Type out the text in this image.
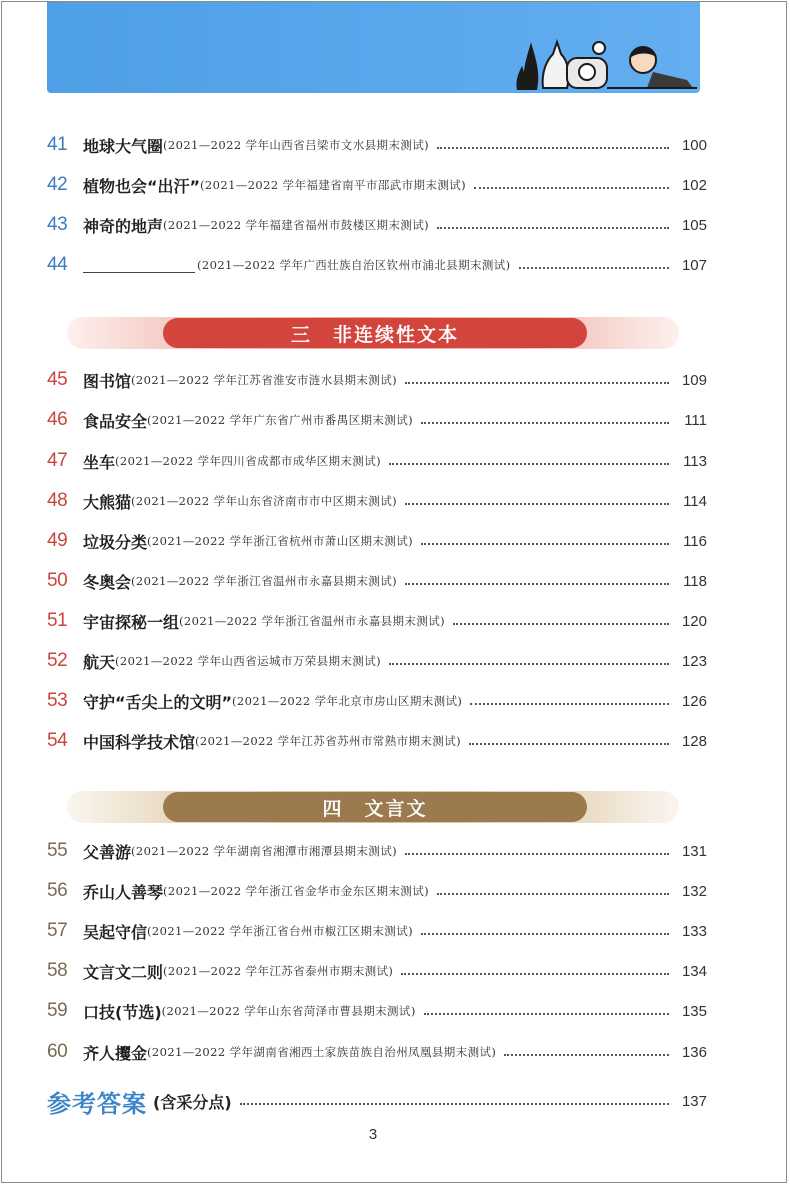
41 地球大气圈 (2021—2022 学年山西省吕梁市文水县期末测试)	100
42 植物也会“出汗” (2021—2022 学年福建省南平市邵武市期末测试)	102
43 神奇的地声 (2021—2022 学年福建省福州市鼓楼区期末测试)	105
44	(2021—2022 学年广西壮族自治区钦州市浦北县期末测试)	107
三　非连续性文本
45 图书馆 (2021—2022 学年江苏省淮安市涟水县期末测试)	109
46 食品安全 (2021—2022 学年广东省广州市番禺区期末测试)	111
47 坐车 (2021—2022 学年四川省成都市成华区期末测试)	113
48 大熊猫 (2021—2022 学年山东省济南市市中区期末测试)	114
49 垃圾分类 (2021—2022 学年浙江省杭州市萧山区期末测试)	116
50 冬奥会 (2021—2022 学年浙江省温州市永嘉县期末测试)	118
51 宇宙探秘一组 (2021—2022 学年浙江省温州市永嘉县期末测试)	120
52 航天 (2021—2022 学年山西省运城市万荣县期末测试)	123
53 守护“舌尖上的文明” (2021—2022 学年北京市房山区期末测试)	126
54 中国科学技术馆 (2021—2022 学年江苏省苏州市常熟市期末测试)	128
四　文言文
55 父善游 (2021—2022 学年湖南省湘潭市湘潭县期末测试)	131
56 乔山人善琴 (2021—2022 学年浙江省金华市金东区期末测试)	132
57 吴起守信 (2021—2022 学年浙江省台州市椒江区期末测试)	133
58 文言文二则 (2021—2022 学年江苏省泰州市期末测试)	134
59 口技(节选) (2021—2022 学年山东省菏泽市曹县期末测试)	135
60 齐人攫金 (2021—2022 学年湖南省湘西土家族苗族自治州凤凰县期末测试)	136
参考答案 (含采分点)	137
3
